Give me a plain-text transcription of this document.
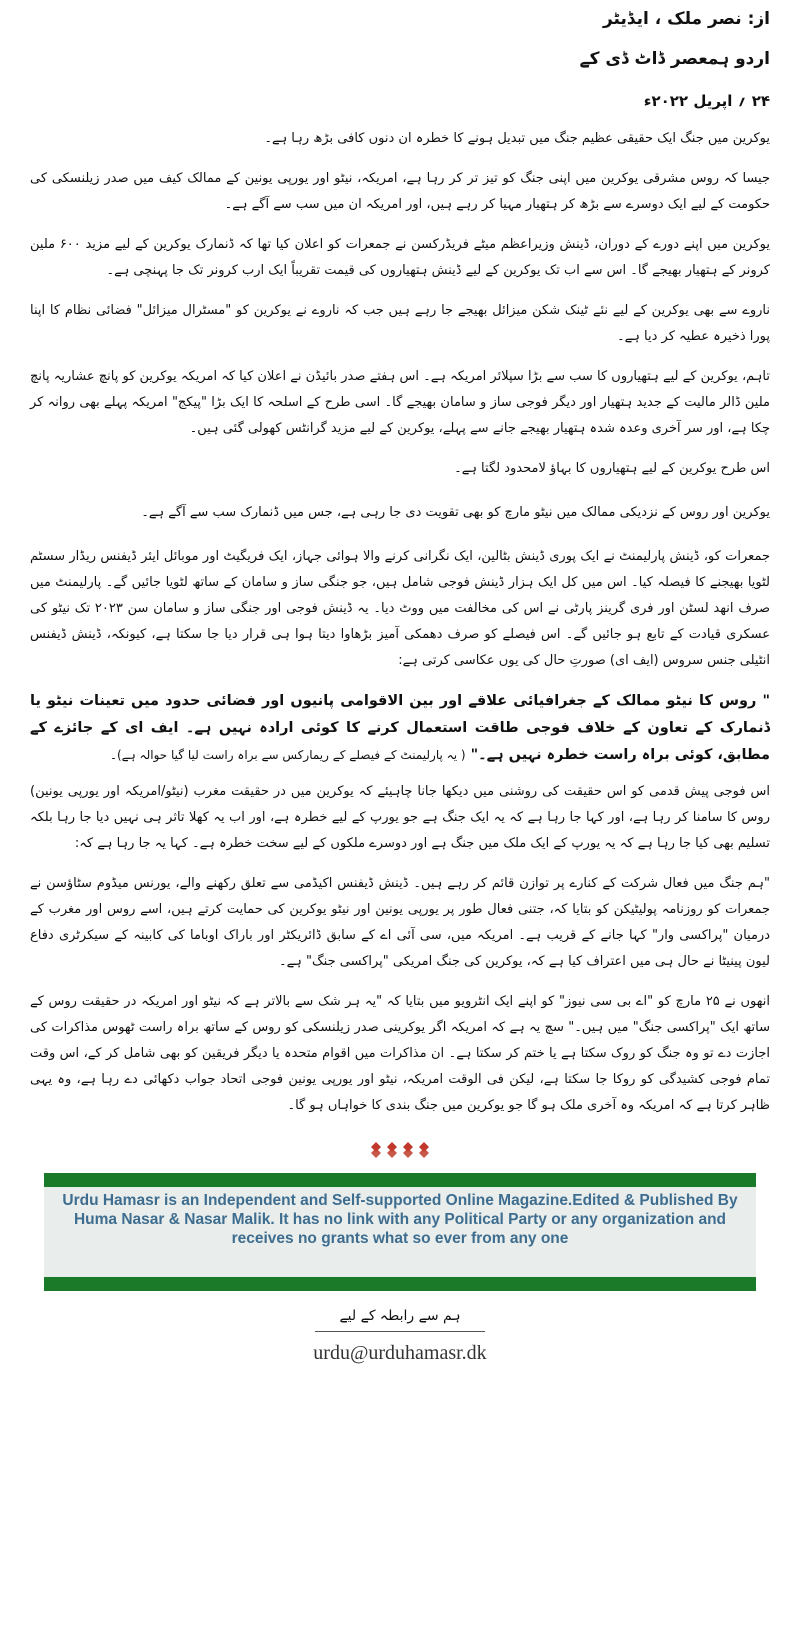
از: نصر ملک ، ایڈیٹر

اردو ہمعصر ڈاٹ ڈی کے

۲۴ ؍ اپریل ۲۰۲۲ء

یوکرین میں جنگ ایک حقیقی عظیم جنگ میں تبدیل ہونے کا خطرہ ان دنوں کافی بڑھ رہا ہے۔

جیسا کہ روس مشرقی یوکرین میں اپنی جنگ کو تیز تر کر رہا ہے، امریکہ، نیٹو اور یورپی یونین کے ممالک کیف میں صدر زیلنسکی کی حکومت کے لیے ایک دوسرے سے بڑھ کر ہتھیار مہیا کر رہے ہیں، اور امریکہ ان میں سب سے آگے ہے۔

یوکرین میں اپنے دورے کے دوران، ڈینش وزیراعظم میٹے فریڈرکسن نے جمعرات کو اعلان کیا تھا کہ ڈنمارک یوکرین کے لیے مزید ۶۰۰ ملین کرونر کے ہتھیار بھیجے گا۔ اس سے اب تک یوکرین کے لیے ڈینش ہتھیاروں کی قیمت تقریباً ایک ارب کرونر تک جا پہنچی ہے۔

ناروے سے بھی یوکرین کے لیے نئے ٹینک شکن میزائل بھیجے جا رہے ہیں جب کہ ناروے نے یوکرین کو "مسٹرال میزائل" فضائی نظام کا اپنا پورا ذخیرہ عطیہ کر دیا ہے۔

تاہم، یوکرین کے لیے ہتھیاروں کا سب سے بڑا سپلائر امریکہ ہے۔ اس ہفتے صدر بائیڈن نے اعلان کیا کہ امریکہ یوکرین کو پانچ عشاریہ پانچ ملین ڈالر مالیت کے جدید ہتھیار اور دیگر فوجی ساز و سامان بھیجے گا۔ اسی طرح کے اسلحہ کا ایک بڑا "پیکج" امریکہ پہلے بھی روانہ کر چکا ہے، اور سر آخری وعدہ شدہ ہتھیار بھیجے جانے سے پہلے، یوکرین کے لیے مزید گرانٹس کھولی گئی ہیں۔

اس طرح یوکرین کے لیے ہتھیاروں کا بہاؤ لامحدود لگتا ہے۔

یوکرین اور روس کے نزدیکی ممالک میں نیٹو مارچ کو بھی تقویت دی جا رہی ہے، جس میں ڈنمارک سب سے آگے ہے۔

جمعرات کو، ڈینش پارلیمنٹ نے ایک پوری ڈینش بٹالین، ایک نگرانی کرنے والا ہوائی جہاز، ایک فریگیٹ اور موبائل ایئر ڈیفنس ریڈار سسٹم لٹویا بھیجنے کا فیصلہ کیا۔ اس میں کل ایک ہزار ڈینش فوجی شامل ہیں، جو جنگی ساز و سامان کے ساتھ لٹویا جائیں گے۔ پارلیمنٹ میں صرف انھد لسٹن اور فری گرینز پارٹی نے اس کی مخالفت میں ووٹ دیا۔ یہ ڈینش فوجی اور جنگی ساز و سامان سن ۲۰۲۳ تک نیٹو کی عسکری قیادت کے تابع ہو جائیں گے۔ اس فیصلے کو صرف دھمکی آمیز بڑھاوا دیتا ہوا ہی قرار دیا جا سکتا ہے، کیونکہ، ڈینش ڈیفنس انٹیلی جنس سروس (ایف ای) صورتِ حال کی یوں عکاسی کرتی ہے:

" روس کا نیٹو ممالک کے جغرافیائی علاقے اور بین الاقوامی پانیوں اور فضائی حدود میں تعینات نیٹو یا ڈنمارک کے تعاون کے خلاف فوجی طاقت استعمال کرنے کا کوئی ارادہ نہیں ہے۔ ایف ای کے جائزے کے مطابق، کوئی براہ راست خطرہ نہیں ہے۔" ( یہ پارلیمنٹ کے فیصلے کے ریمارکس سے براہ راست لیا گیا حوالہ ہے)۔

اس فوجی پیش قدمی کو اس حقیقت کی روشنی میں دیکھا جانا چاہیئے کہ یوکرین میں در حقیقت مغرب (نیٹو/امریکہ اور یورپی یونین) روس کا سامنا کر رہا ہے، اور کہا جا رہا ہے کہ یہ ایک جنگ ہے جو یورپ کے لیے خطرہ ہے، اور اب یہ کھلا تاثر ہی نہیں دیا جا رہا بلکہ تسلیم بھی کیا جا رہا ہے کہ یہ یورپ کے ایک ملک میں جنگ ہے اور دوسرے ملکوں کے لیے سخت خطرہ ہے۔ کہا یہ جا رہا ہے کہ:

"ہم جنگ میں فعال شرکت کے کنارے پر توازن قائم کر رہے ہیں۔ ڈینش ڈیفنس اکیڈمی سے تعلق رکھنے والے، یورنس میڈوم سٹاؤسن نے جمعرات کو روزنامہ پولیٹیکن کو بتایا کہ، جتنی فعال طور پر یورپی یونین اور نیٹو یوکرین کی حمایت کرتے ہیں، اسے روس اور مغرب کے درمیان "پراکسی وار" کہا جانے کے قریب ہے۔ امریکہ میں، سی آئی اے کے سابق ڈائریکٹر اور باراک اوباما کی کابینہ کے سیکرٹری دفاع لیون پینیٹا نے حال ہی میں اعتراف کیا ہے کہ، یوکرین کی جنگ امریکی "پراکسی جنگ" ہے۔

انھوں نے ۲۵ مارچ کو "اے بی سی نیوز" کو اپنے ایک انٹرویو میں بتایا کہ "یہ ہر شک سے بالاتر ہے کہ نیٹو اور امریکہ در حقیقت روس کے ساتھ ایک "پراکسی جنگ" میں ہیں۔" سچ یہ ہے کہ امریکہ اگر یوکرینی صدر زیلنسکی کو روس کے ساتھ براہ راست ٹھوس مذاکرات کی اجازت دے تو وہ جنگ کو روک سکتا ہے یا ختم کر سکتا ہے۔ ان مذاکرات میں اقوام متحدہ یا دیگر فریقین کو بھی شامل کر کے، اس وقت تمام فوجی کشیدگی کو روکا جا سکتا ہے، لیکن فی الوقت امریکہ، نیٹو اور یورپی یونین فوجی اتحاد جواب دکھائی دے رہا ہے، وہ یہی ظاہر کرتا ہے کہ امریکہ وہ آخری ملک ہو گا جو یوکرین میں جنگ بندی کا خواہاں ہو گا۔

Urdu Hamasr is an Independent and Self-supported Online Magazine.Edited & Published By Huma Nasar & Nasar Malik. It has no link with any Political Party or any organization and receives no grants what so ever from any one
ہم سے رابطہ کے لیے
urdu@urduhamasr.dk
